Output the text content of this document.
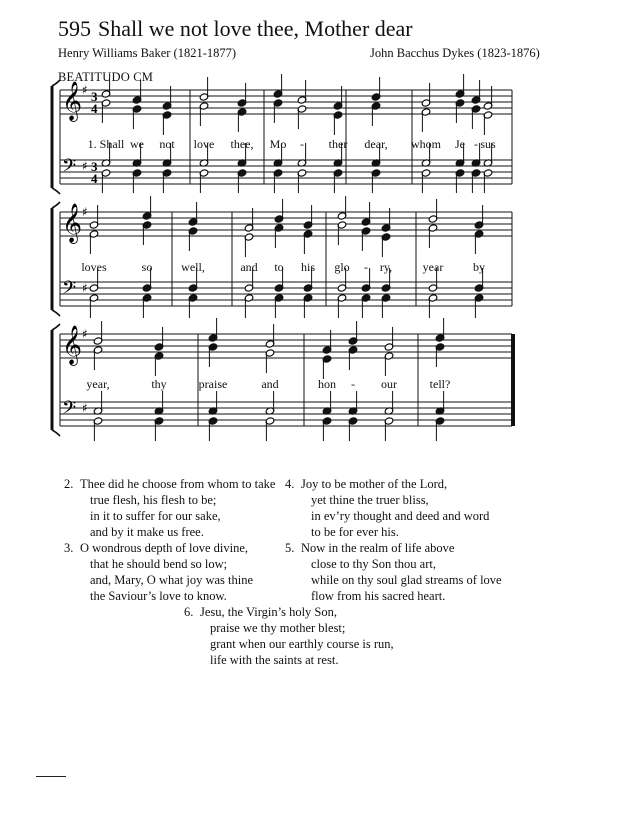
595 Shall we not love thee, Mother dear
Henry Williams Baker (1821-1877)	John Bacchus Dykes (1823-1876)
BEATITUDO CM
𝄞
𝄢
♯
♯
3
4
3
4
𝄞
𝄢
♯
♯
𝄞
𝄢
♯
♯
1. Shall we not love thee, Mo - ther dear, whom Je - sus
loves	so well,	and to his glo - ry,	year by
year,	thy	praise	and	hon - our	tell?
2. Thee did he choose from whom to take
true flesh, his flesh to be;
in it to suffer for our sake,
and by it make us free.
3. O wondrous depth of love divine,
that he should bend so low;
and, Mary, O what joy was thine
the Saviour’s love to know.
4. Joy to be mother of the Lord,
yet thine the truer bliss,
in ev’ry thought and deed and word
to be for ever his.
5. Now in the realm of life above
close to thy Son thou art,
while on thy soul glad streams of love
flow from his sacred heart.
6. Jesu, the Virgin’s holy Son,
praise we thy mother blest;
grant when our earthly course is run,
life with the saints at rest.
